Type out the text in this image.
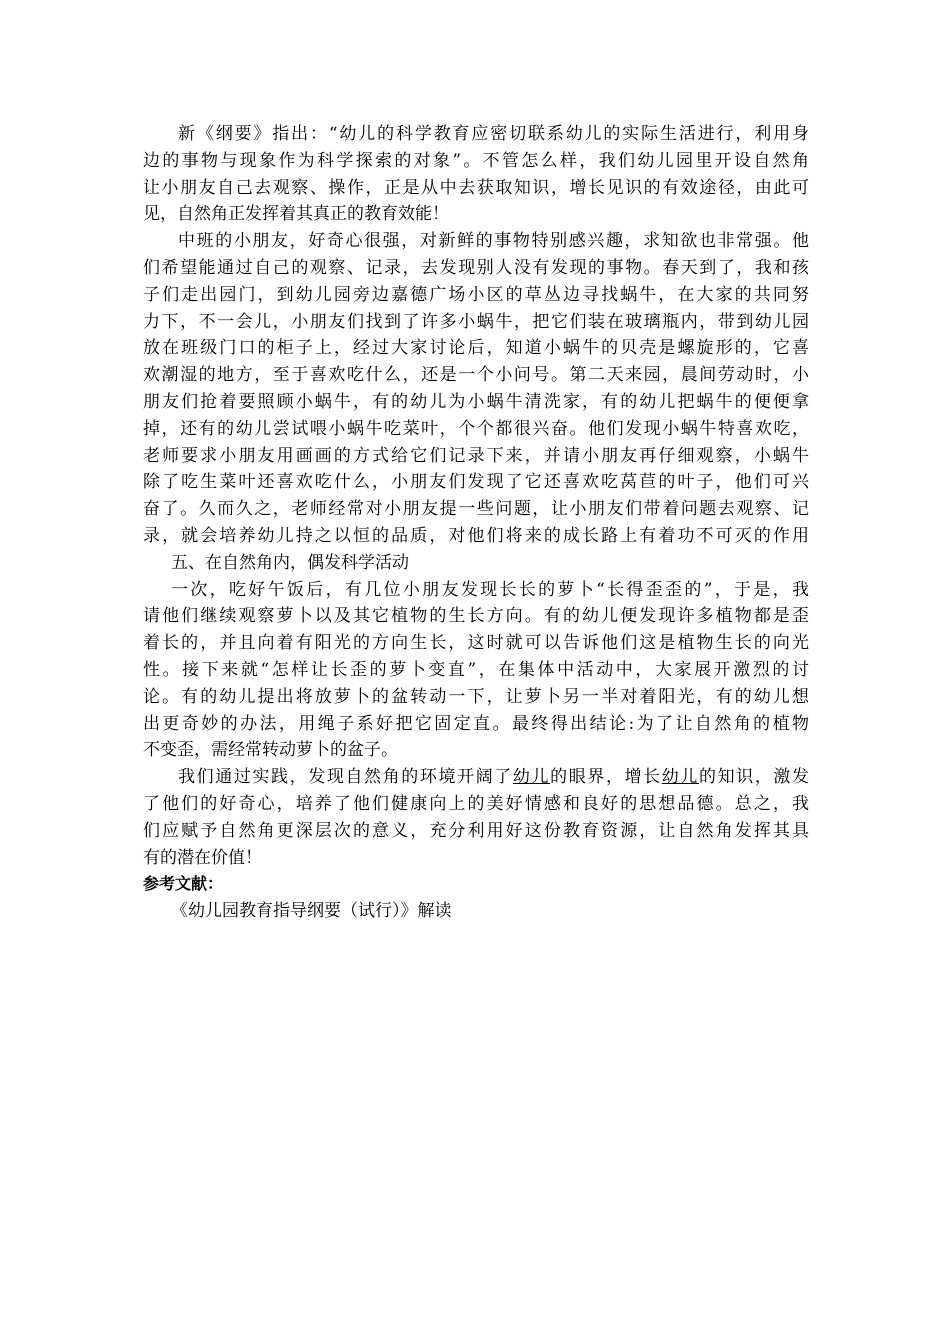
新《纲要》指出：“幼儿的科学教育应密切联系幼儿的实际生活进行，利用身
边的事物与现象作为科学探索的对象”。不管怎么样，我们幼儿园里开设自然角
让小朋友自己去观察、操作，正是从中去获取知识，增长见识的有效途径，由此可
见，自然角正发挥着其真正的教育效能！
中班的小朋友，好奇心很强，对新鲜的事物特别感兴趣，求知欲也非常强。他
们希望能通过自己的观察、记录，去发现别人没有发现的事物。春天到了，我和孩
子们走出园门，到幼儿园旁边嘉德广场小区的草丛边寻找蜗牛，在大家的共同努
力下，不一会儿，小朋友们找到了许多小蜗牛，把它们装在玻璃瓶内，带到幼儿园
放在班级门口的柜子上，经过大家讨论后，知道小蜗牛的贝壳是螺旋形的，它喜
欢潮湿的地方，至于喜欢吃什么，还是一个小问号。第二天来园，晨间劳动时，小
朋友们抢着要照顾小蜗牛，有的幼儿为小蜗牛清洗家，有的幼儿把蜗牛的便便拿
掉，还有的幼儿尝试喂小蜗牛吃菜叶，个个都很兴奋。他们发现小蜗牛特喜欢吃，
老师要求小朋友用画画的方式给它们记录下来，并请小朋友再仔细观察，小蜗牛
除了吃生菜叶还喜欢吃什么，小朋友们发现了它还喜欢吃莴苣的叶子，他们可兴
奋了。久而久之，老师经常对小朋友提一些问题，让小朋友们带着问题去观察、记
录，就会培养幼儿持之以恒的品质，对他们将来的成长路上有着功不可灭的作用
五、在自然角内，偶发科学活动
一次，吃好午饭后，有几位小朋友发现长长的萝卜“长得歪歪的”，于是，我
请他们继续观察萝卜以及其它植物的生长方向。有的幼儿便发现许多植物都是歪
着长的，并且向着有阳光的方向生长，这时就可以告诉他们这是植物生长的向光
性。接下来就“怎样让长歪的萝卜变直”，在集体中活动中，大家展开激烈的讨
论。有的幼儿提出将放萝卜的盆转动一下，让萝卜另一半对着阳光，有的幼儿想
出更奇妙的办法，用绳子系好把它固定直。最终得出结论:为了让自然角的植物
不变歪，需经常转动萝卜的盆子。
我们通过实践，发现自然角的环境开阔了幼儿的眼界，增长幼儿的知识，激发
了他们的好奇心，培养了他们健康向上的美好情感和良好的思想品德。总之，我
们应赋予自然角更深层次的意义，充分利用好这份教育资源，让自然角发挥其具
有的潜在价值！
参考文献：
《幼儿园教育指导纲要（试行）》解读
